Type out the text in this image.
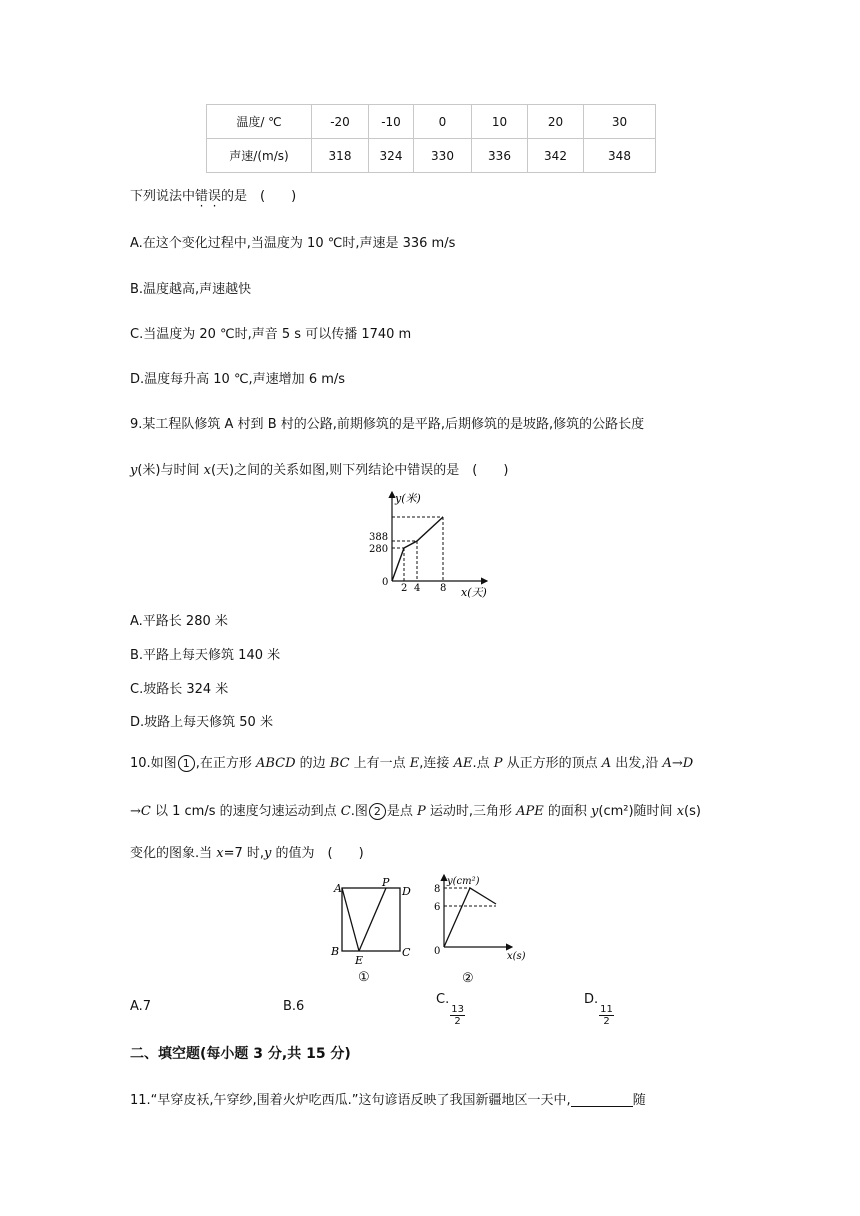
温度/ ℃	-20	-10	0	10	20	30
声速/(m/s)	318	324	330	336	342	348
下列说法中错误的是　(　　)
A.在这个变化过程中,当温度为 10 ℃时,声速是 336 m/s
B.温度越高,声速越快
C.当温度为 20 ℃时,声音 5 s 可以传播 1740 m
D.温度每升高 10 ℃,声速增加 6 m/s
9.某工程队修筑 A 村到 B 村的公路,前期修筑的是平路,后期修筑的是坡路,修筑的公路长度
y(米)与时间 x(天)之间的关系如图,则下列结论中错误的是　(　　)
y(米)
x(天)
388
280
2 4 8
0
A.平路长 280 米
B.平路上每天修筑 140 米
C.坡路长 324 米
D.坡路上每天修筑 50 米
10.如图 1 ,在正方形 ABCD 的边 BC 上有一点 E,连接 AE.点 P 从正方形的顶点 A 出发,沿 A→D
→C 以 1 cm/s 的速度匀速运动到点 C.图 2 是点 P 运动时,三角形 APE 的面积 y(cm²)随时间 x(s)
变化的图象.当 x=7 时,y 的值为　(　　)
A	P
D
B
E
C
①
y(cm²)
x(s)
8
6
0
②
A.7	B.6	C.
$\frac{13}{2}$
D.
$\frac{11}{2}$
二、填空题(每小题 3 分,共 15 分)
11.“早穿皮袄,午穿纱,围着火炉吃西瓜.”这句谚语反映了我国新疆地区一天中,	随
